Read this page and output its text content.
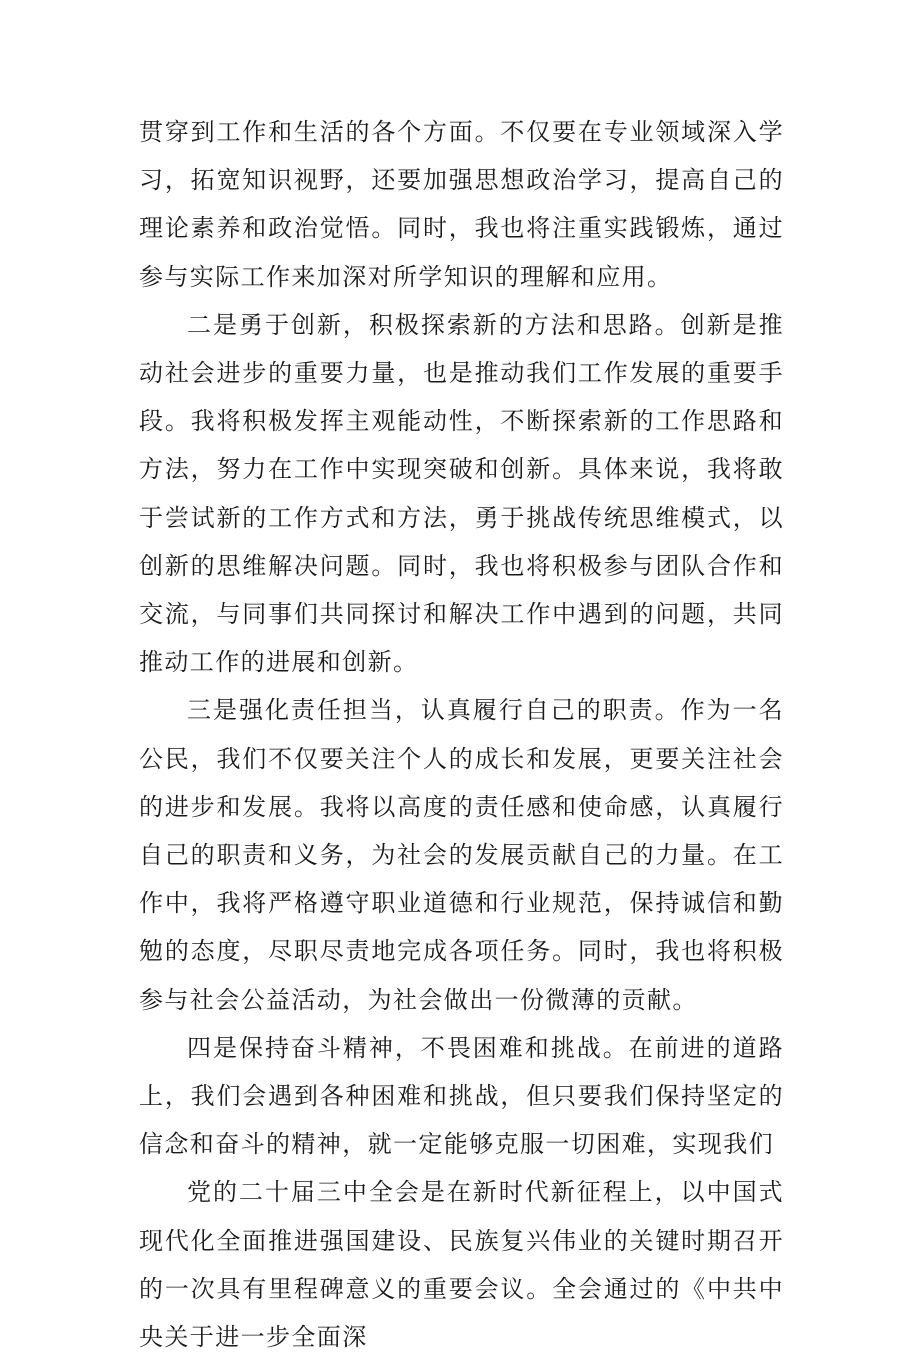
贯穿到工作和生活的各个方面。不仅要在专业领域深入学习，拓宽知识视野，还要加强思想政治学习，提高自己的理论素养和政治觉悟。同时，我也将注重实践锻炼，通过参与实际工作来加深对所学知识的理解和应用。

二是勇于创新，积极探索新的方法和思路。创新是推动社会进步的重要力量，也是推动我们工作发展的重要手段。我将积极发挥主观能动性，不断探索新的工作思路和方法，努力在工作中实现突破和创新。具体来说，我将敢于尝试新的工作方式和方法，勇于挑战传统思维模式，以创新的思维解决问题。同时，我也将积极参与团队合作和交流，与同事们共同探讨和解决工作中遇到的问题，共同推动工作的进展和创新。

三是强化责任担当，认真履行自己的职责。作为一名公民，我们不仅要关注个人的成长和发展，更要关注社会的进步和发展。我将以高度的责任感和使命感，认真履行自己的职责和义务，为社会的发展贡献自己的力量。在工作中，我将严格遵守职业道德和行业规范，保持诚信和勤勉的态度，尽职尽责地完成各项任务。同时，我也将积极参与社会公益活动，为社会做出一份微薄的贡献。

四是保持奋斗精神，不畏困难和挑战。在前进的道路上，我们会遇到各种困难和挑战，但只要我们保持坚定的信念和奋斗的精神，就一定能够克服一切困难，实现我们

党的二十届三中全会是在新时代新征程上，以中国式现代化全面推进强国建设、民族复兴伟业的关键时期召开的一次具有里程碑意义的重要会议。全会通过的《中共中央关于进一步全面深
